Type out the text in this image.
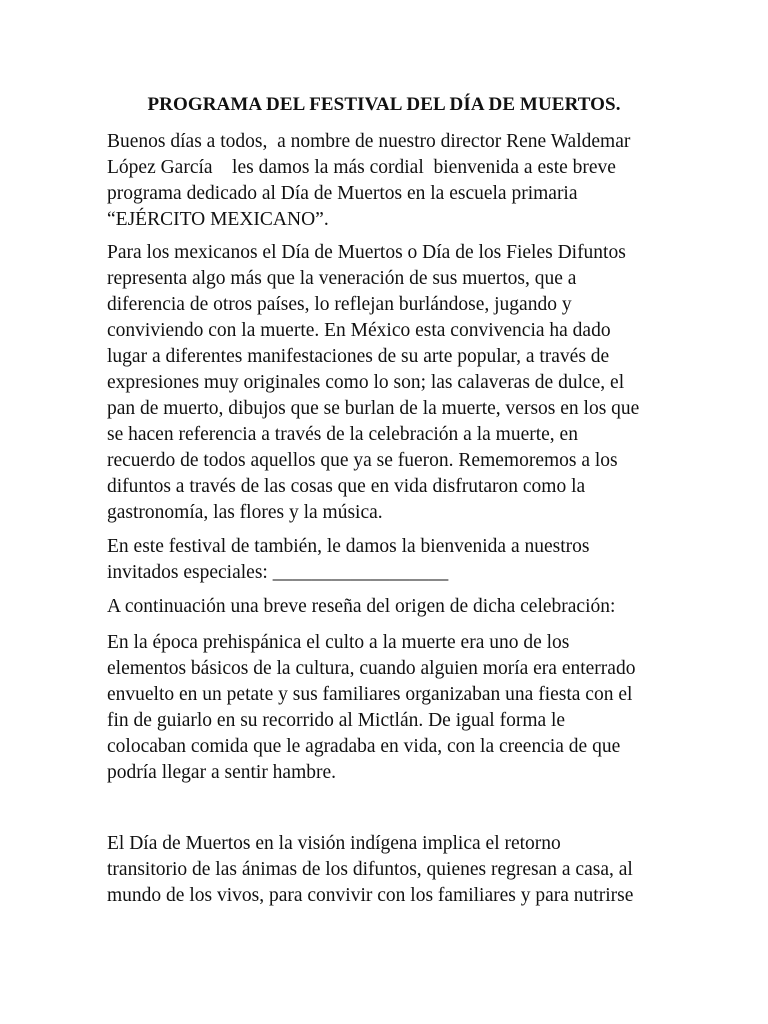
PROGRAMA DEL FESTIVAL DEL DÍA DE MUERTOS.

Buenos días a todos,  a nombre de nuestro director Rene Waldemar
López García    les damos la más cordial  bienvenida a este breve
programa dedicado al Día de Muertos en la escuela primaria
“EJÉRCITO MEXICANO”.

Para los mexicanos el Día de Muertos o Día de los Fieles Difuntos
representa algo más que la veneración de sus muertos, que a
diferencia de otros países, lo reflejan burlándose, jugando y
conviviendo con la muerte. En México esta convivencia ha dado
lugar a diferentes manifestaciones de su arte popular, a través de
expresiones muy originales como lo son; las calaveras de dulce, el
pan de muerto, dibujos que se burlan de la muerte, versos en los que
se hacen referencia a través de la celebración a la muerte, en
recuerdo de todos aquellos que ya se fueron. Rememoremos a los
difuntos a través de las cosas que en vida disfrutaron como la
gastronomía, las flores y la música.

En este festival de también, le damos la bienvenida a nuestros
invitados especiales: __________________

A continuación una breve reseña del origen de dicha celebración:

En la época prehispánica el culto a la muerte era uno de los
elementos básicos de la cultura, cuando alguien moría era enterrado
envuelto en un petate y sus familiares organizaban una fiesta con el
fin de guiarlo en su recorrido al Mictlán. De igual forma le
colocaban comida que le agradaba en vida, con la creencia de que
podría llegar a sentir hambre.

El Día de Muertos en la visión indígena implica el retorno
transitorio de las ánimas de los difuntos, quienes regresan a casa, al
mundo de los vivos, para convivir con los familiares y para nutrirse
